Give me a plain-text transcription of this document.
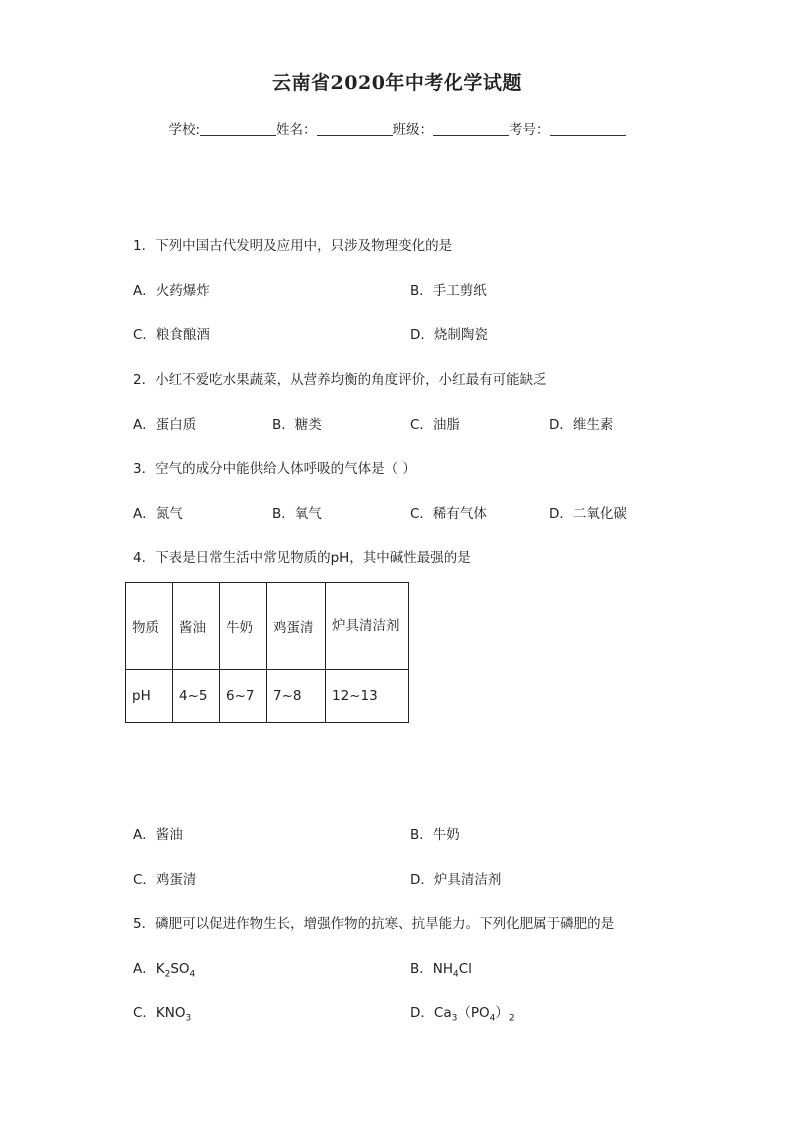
云南省2020年中考化学试题
学校:	姓名：	班级：	考号：
1．下列中国古代发明及应用中，只涉及物理变化的是
A．火药爆炸	B．手工剪纸
C．粮食酿酒	D．烧制陶瓷
2．小红不爱吃水果蔬菜，从营养均衡的角度评价，小红最有可能缺乏
A．蛋白质	B．糖类	C．油脂	D．维生素
3．空气的成分中能供给人体呼吸的气体是（ ）
A．氮气	B．氧气	C．稀有气体	D．二氧化碳
4．下表是日常生活中常见物质的pH，其中碱性最强的是
物质	酱油	牛奶	鸡蛋清	炉具清洁剂
pH	4~5	6~7	7~8	12~13
A．酱油	B．牛奶
C．鸡蛋清	D．炉具清洁剂
5．磷肥可以促进作物生长，增强作物的抗寒、抗旱能力。下列化肥属于磷肥的是
A．$K_2SO_4$	B．$NH_4Cl$
C．$KNO_3$	D．$Ca_3(PO_4)_2$
